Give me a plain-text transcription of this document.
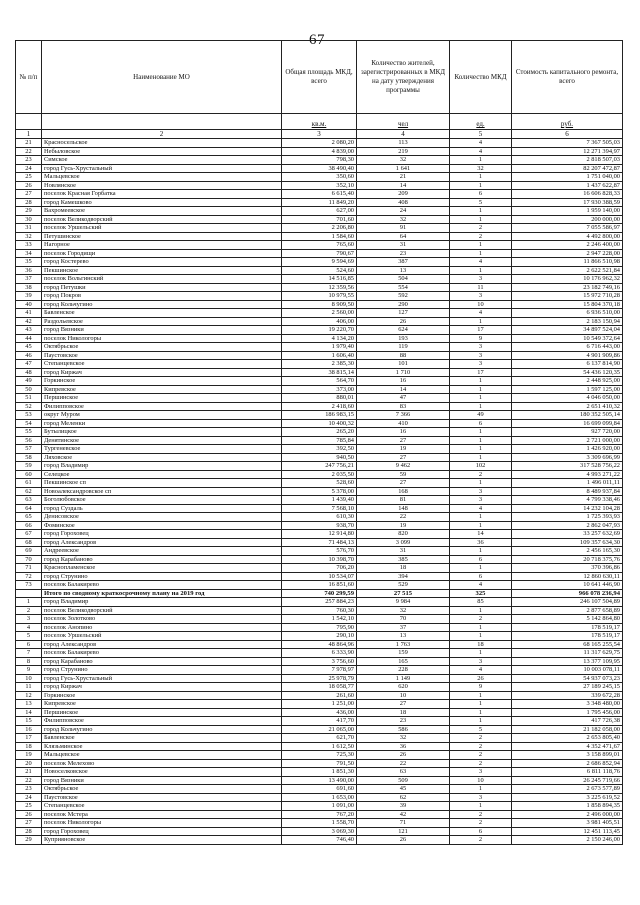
67
№ п/п	Наименование МО	Общая площадь МКД, всего	Количество жителей, зарегистрированных в МКД на дату утверждения программы	Количество МКД	Стоимость капитального ремонта, всего
		кв.м.	чел	ед.	руб.
1	2	3	4	5	6
21	Красносельское	2 080,20	113	4	7 367 505,03
22	Небыловское	4 839,00	219	4	12 271 394,97
23	Симское	798,30	32	1	2 818 507,03
24	город Гусь-Хрустальный	38 490,40	1 641	32	82 207 472,87
25	Мальцевское	350,60	21	1	1 751 040,00
26	Новлянское	352,10	14	1	1 437 622,87
27	поселок Красная Горбатка	6 615,40	209	6	16 606 828,33
28	город Камешково	11 849,20	408	5	17 930 388,59
29	Вахромеевское	627,00	24	1	1 959 140,00
30	поселок Великодворский	701,60	32	1	200 000,00
31	поселок Уршельский	2 206,80	91	2	7 055 586,97
32	Петушинское	1 584,60	64	2	4 492 800,00
33	Нагорное	765,60	31	1	2 246 400,00
34	поселок Городищи	790,67	23	1	2 947 228,00
35	город Костерево	9 594,69	387	4	11 866 510,98
36	Пекшинское	524,60	13	1	2 622 521,84
37	поселок Вольгинский	14 516,85	504	3	10 176 962,32
38	город Петушки	12 359,56	554	11	23 182 749,16
39	город Покров	10 979,55	592	3	15 972 710,28
40	город Кольчугино	8 909,50	290	10	15 804 370,18
41	Бавленское	2 560,00	127	4	6 936 510,00
42	Раздольевское	406,00	26	1	2 183 150,94
43	город Вязники	19 220,70	624	17	34 897 524,04
44	поселок Никологоры	4 134,20	193	9	10 549 372,64
45	Октябрьское	1 979,40	119	3	6 716 443,00
46	Паустовское	1 606,40	88	3	4 901 909,86
47	Степанцевское	2 385,30	101	3	6 137 814,90
48	город Киржач	38 815,14	1 710	17	54 436 120,35
49	Горкинское	564,70	16	1	2 448 925,00
50	Кипревское	373,00	14	1	1 597 125,00
51	Першинское	880,01	47	1	4 046 050,00
52	Филипповское	2 418,60	83	1	2 651 410,32
53	округ Муром	186 983,15	7 366	49	180 352 505,14
54	город Меленки	10 400,32	410	6	16 699 099,84
55	Бутылицкое	265,20	16	1	927 720,00
56	Денятинское	785,84	27	1	2 721 000,00
57	Тургеневское	392,50	19	1	1 426 920,00
58	Ляховское	940,50	27	1	3 309 696,99
59	город Владимир	247 756,21	9 462	102	317 528 756,22
60	Селецкое	2 035,50	59	2	4 993 271,22
61	Пекшинское сп	528,60	27	1	1 496 011,11
62	Новоалександровское сп	5 378,00	168	3	8 489 937,84
63	Боголюбовское	1 439,40	81	3	4 799 338,46
64	город Суздаль	7 568,10	148	4	14 232 104,28
65	Денисовское	610,30	22	1	1 725 393,93
66	Фоминское	938,70	19	1	2 862 047,93
67	город Гороховец	12 914,80	820	14	33 257 632,69
68	город Александров	71 484,13	3 099	36	109 357 634,30
69	Андреевское	576,70	31	1	2 456 165,30
70	город Карабаново	10 398,70	385	6	20 718 375,76
71	Краснопламенское	706,20	18	1	370 396,86
72	город Струнино	10 534,07	394	6	12 860 630,11
73	поселок Балакирево	16 851,60	529	4	10 641 446,90
	Итого по сводному краткосрочному плану на 2019 год	740 299,59	27 515	325	966 078 236,94
1	город Владимир	257 884,23	9 984	85	246 107 504,89
2	поселок Великодворский	760,30	32	1	2 877 658,89
3	поселок Золотково	1 542,10	70	2	5 142 864,80
4	поселок Анопино	795,90	37	1	178 519,17
5	поселок Уршельский	290,10	13	1	178 519,17
6	город Александров	48 864,96	1 763	18	68 165 255,54
7	поселок Балакирево	6 333,90	159	1	11 317 629,75
8	город Карабаново	3 756,60	165	3	13 377 109,95
9	город Струнино	7 978,97	228	4	10 003 078,11
10	город Гусь-Хрустальный	25 978,79	1 149	26	54 937 073,23
11	город Киржач	18 058,77	620	9	27 189 245,15
12	Горкинское	261,60	10	1	339 672,28
13	Кипревское	1 251,00	27	1	3 348 480,00
14	Першинское	436,00	18	1	1 795 456,00
15	Филипповское	417,70	23	1	417 726,38
16	город Кольчугино	21 065,00	586	5	21 182 058,00
17	Бавленское	621,70	32	2	2 653 805,40
18	Клязьминское	1 612,50	36	2	4 352 471,67
19	Мальцевское	725,30	26	2	3 158 899,01
20	поселок Мелехово	791,50	22	2	2 686 852,94
21	Новоселковское	1 851,30	63	3	6 811 118,76
22	город Вязники	13 490,00	509	10	26 245 719,66
23	Октябрьское	691,60	45	1	2 673 577,89
24	Паустовское	1 653,00	62	3	3 225 619,52
25	Степанцевское	1 091,00	39	1	1 858 894,35
26	поселок Мстера	767,20	42	2	2 496 000,00
27	поселок Никологоры	1 558,70	71	2	3 981 405,51
28	город Гороховец	3 069,30	121	6	12 451 113,45
29	Куприяновское	746,40	26	2	2 150 246,00
